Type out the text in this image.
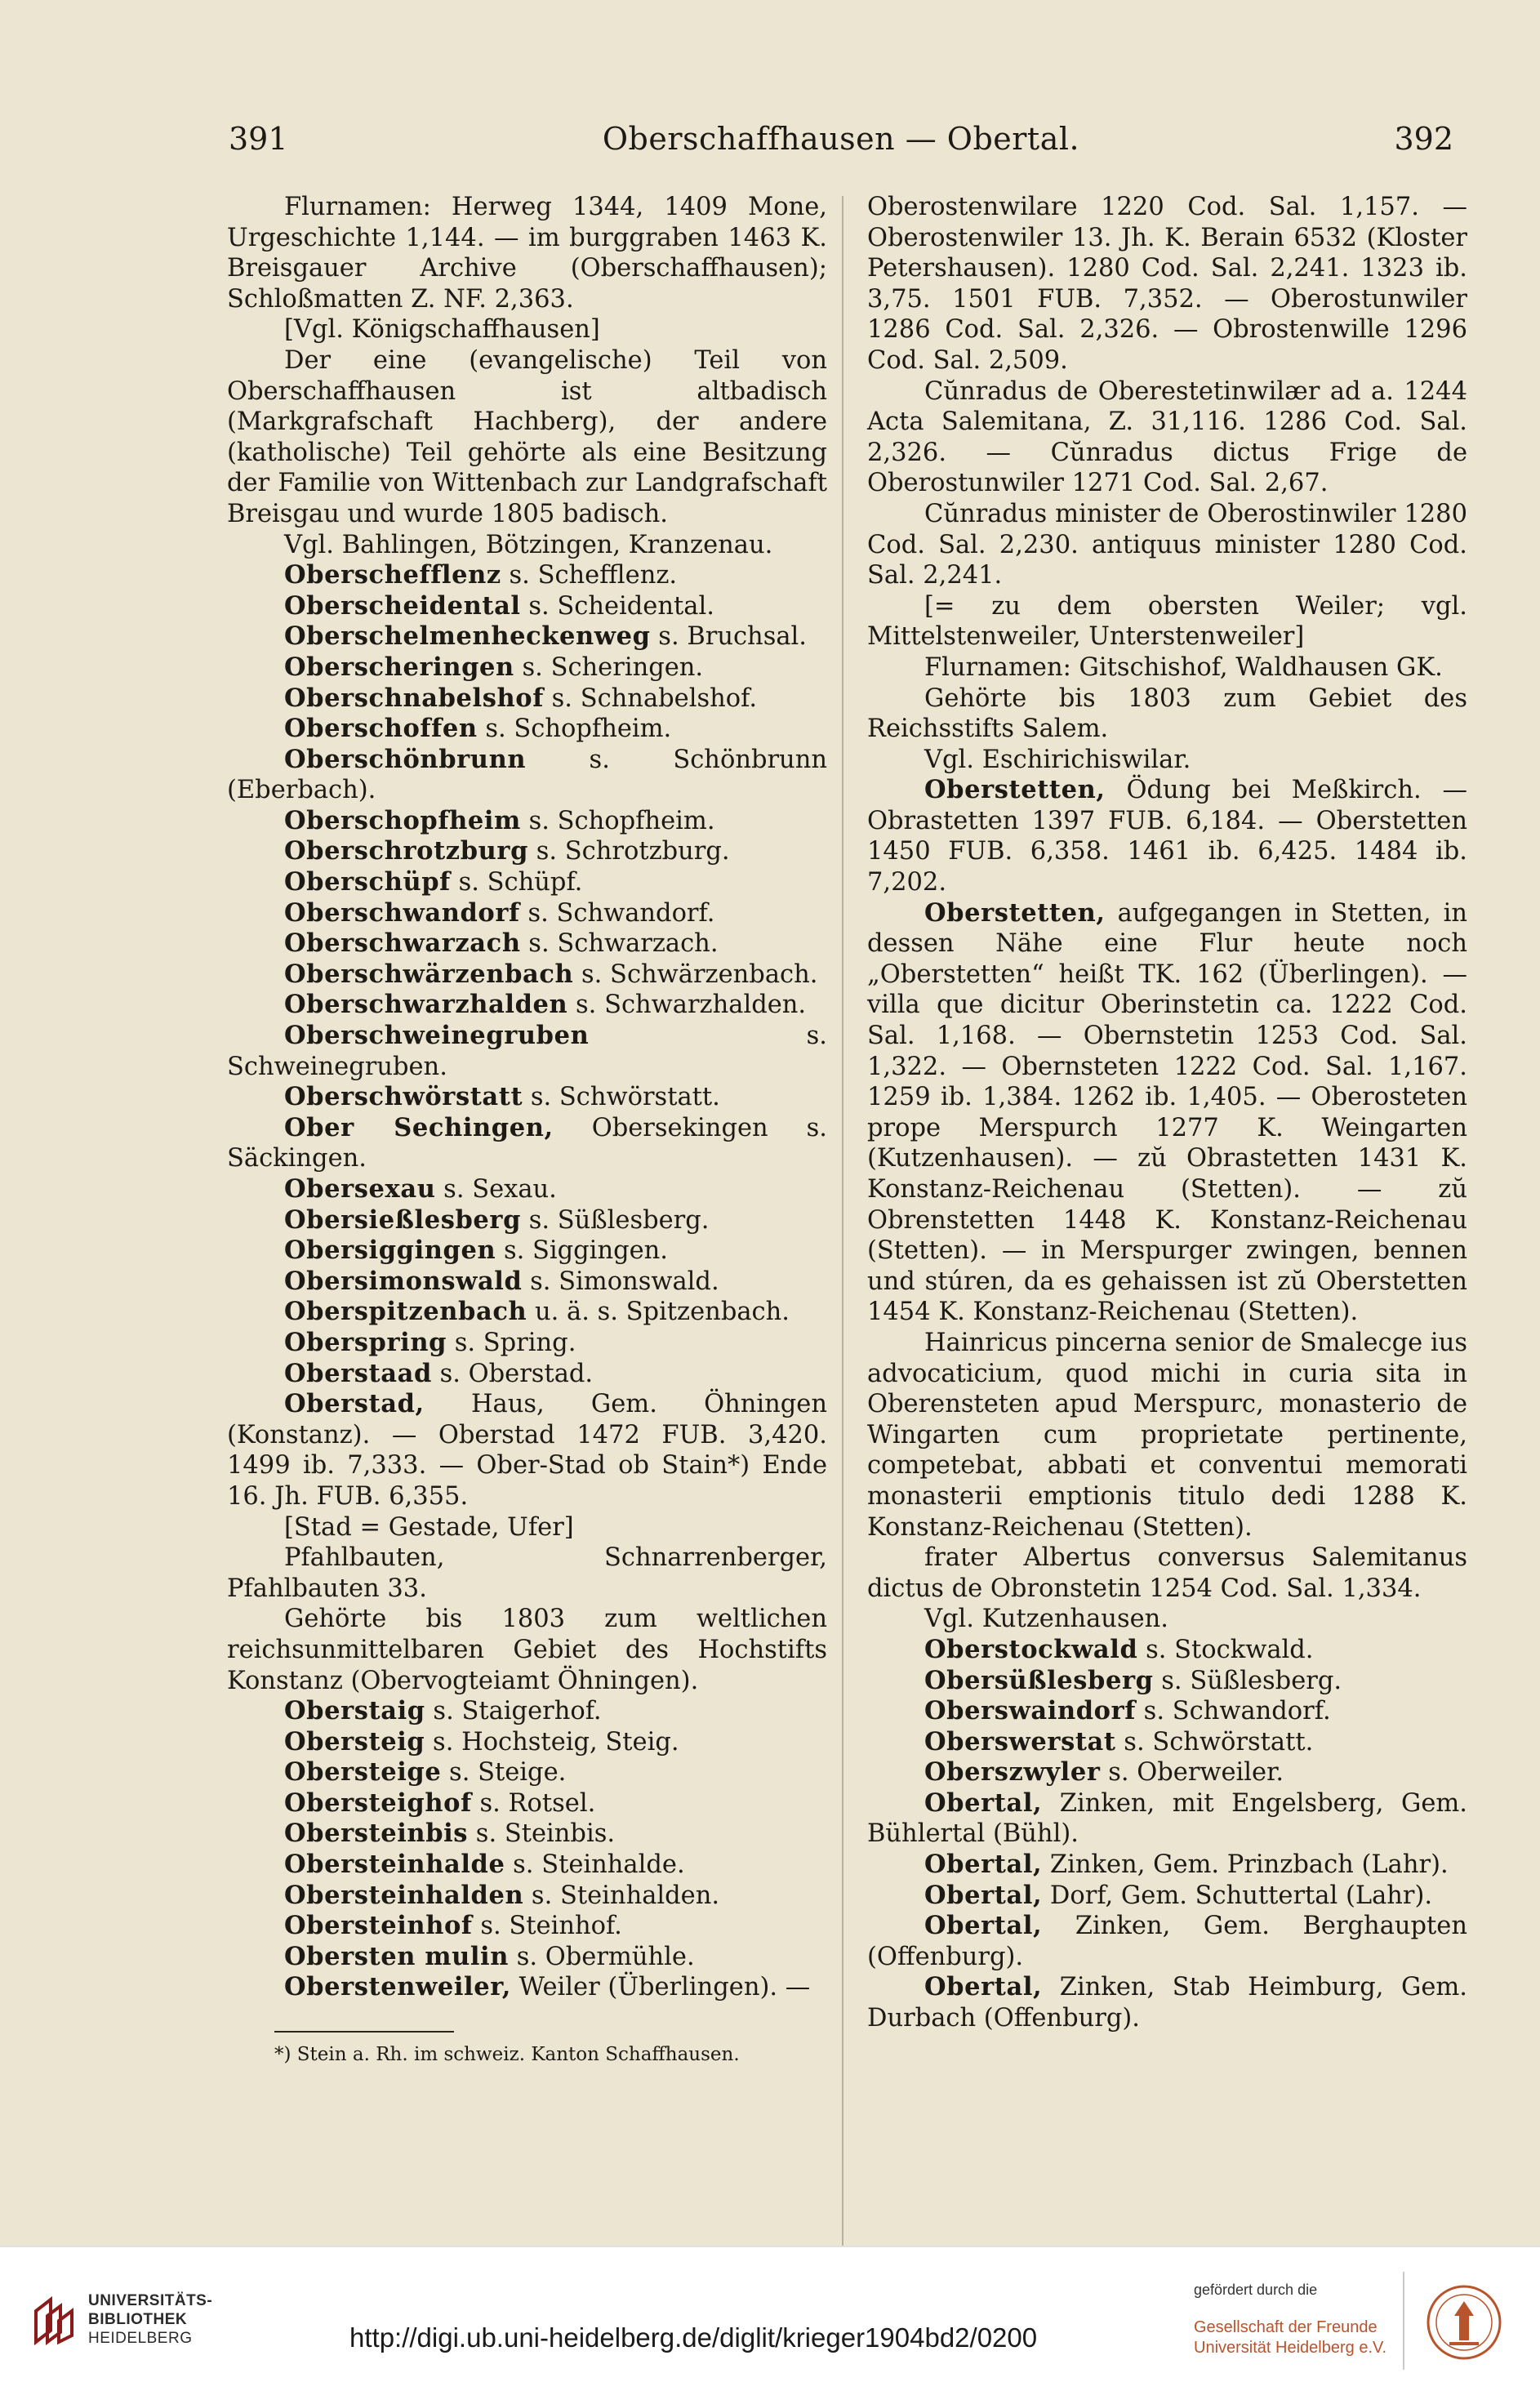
391	Oberschaffhausen — Obertal.	392

Flurnamen: Herweg 1344, 1409 Mone, Urgeschichte 1,144. — im burggraben 1463 K. Breisgauer Archive (Oberschaffhausen); Schloßmatten Z. NF. 2,363.

[Vgl. Königschaffhausen]

Der eine (evangelische) Teil von Oberschaffhausen ist altbadisch (Markgrafschaft Hachberg), der andere (katholische) Teil gehörte als eine Besitzung der Familie von Wittenbach zur Landgrafschaft Breisgau und wurde 1805 badisch.

Vgl. Bahlingen, Bötzingen, Kranzenau.

Oberschefflenz s. Schefflenz.

Oberscheidental s. Scheidental.

Oberschelmenheckenweg s. Bruchsal.

Oberscheringen s. Scheringen.

Oberschnabelshof s. Schnabelshof.

Oberschoffen s. Schopfheim.

Oberschönbrunn s. Schönbrunn (Eberbach).

Oberschopfheim s. Schopfheim.

Oberschrotzburg s. Schrotzburg.

Oberschüpf s. Schüpf.

Oberschwandorf s. Schwandorf.

Oberschwarzach s. Schwarzach.

Oberschwärzenbach s. Schwärzenbach.

Oberschwarzhalden s. Schwarzhalden.

Oberschweinegruben s. Schweinegruben.

Oberschwörstatt s. Schwörstatt.

Ober Sechingen, Obersekingen s. Säckingen.

Obersexau s. Sexau.

Obersießlesberg s. Süßlesberg.

Obersiggingen s. Siggingen.

Obersimonswald s. Simonswald.

Oberspitzenbach u. ä. s. Spitzenbach.

Oberspring s. Spring.

Oberstaad s. Oberstad.

Oberstad, Haus, Gem. Öhningen (Konstanz). — Oberstad 1472 FUB. 3,420. 1499 ib. 7,333. — Ober-Stad ob Stain*) Ende 16. Jh. FUB. 6,355.

[Stad = Gestade, Ufer]

Pfahlbauten, Schnarrenberger, Pfahlbauten 33.

Gehörte bis 1803 zum weltlichen reichsunmittelbaren Gebiet des Hochstifts Konstanz (Obervogteiamt Öhningen).

Oberstaig s. Staigerhof.

Obersteig s. Hochsteig, Steig.

Obersteige s. Steige.

Obersteighof s. Rotsel.

Obersteinbis s. Steinbis.

Obersteinhalde s. Steinhalde.

Obersteinhalden s. Steinhalden.

Obersteinhof s. Steinhof.

Obersten mulin s. Obermühle.

Oberstenweiler, Weiler (Überlingen). —

*) Stein a. Rh. im schweiz. Kanton Schaffhausen.

Oberostenwilare 1220 Cod. Sal. 1,157. — Oberostenwiler 13. Jh. K. Berain 6532 (Kloster Petershausen). 1280 Cod. Sal. 2,241. 1323 ib. 3,75. 1501 FUB. 7,352. — Oberostunwiler 1286 Cod. Sal. 2,326. — Obrostenwille 1296 Cod. Sal. 2,509.

Cŭnradus de Oberestetinwilær ad a. 1244 Acta Salemitana, Z. 31,116. 1286 Cod. Sal. 2,326. — Cŭnradus dictus Frige de Oberostunwiler 1271 Cod. Sal. 2,67.

Cŭnradus minister de Oberostinwiler 1280 Cod. Sal. 2,230. antiquus minister 1280 Cod. Sal. 2,241.

[= zu dem obersten Weiler; vgl. Mittelstenweiler, Unterstenweiler]

Flurnamen: Gitschishof, Waldhausen GK.

Gehörte bis 1803 zum Gebiet des Reichsstifts Salem.

Vgl. Eschirichiswilar.

Oberstetten, Ödung bei Meßkirch. — Obrastetten 1397 FUB. 6,184. — Oberstetten 1450 FUB. 6,358. 1461 ib. 6,425. 1484 ib. 7,202.

Oberstetten, aufgegangen in Stetten, in dessen Nähe eine Flur heute noch „Oberstetten“ heißt TK. 162 (Überlingen). — villa que dicitur Oberinstetin ca. 1222 Cod. Sal. 1,168. — Obernstetin 1253 Cod. Sal. 1,322. — Obernsteten 1222 Cod. Sal. 1,167. 1259 ib. 1,384. 1262 ib. 1,405. — Oberosteten prope Merspurch 1277 K. Weingarten (Kutzenhausen). — zŭ Obrastetten 1431 K. Konstanz-Reichenau (Stetten). — zŭ Obrenstetten 1448 K. Konstanz-Reichenau (Stetten). — in Merspurger zwingen, bennen und stúren, da es gehaissen ist zŭ Oberstetten 1454 K. Konstanz-Reichenau (Stetten).

Hainricus pincerna senior de Smalecge ius advocaticium, quod michi in curia sita in Oberensteten apud Merspurc, monasterio de Wingarten cum proprietate pertinente, competebat, abbati et conventui memorati monasterii emptionis titulo dedi 1288 K. Konstanz-Reichenau (Stetten).

frater Albertus conversus Salemitanus dictus de Obronstetin 1254 Cod. Sal. 1,334.

Vgl. Kutzenhausen.

Oberstockwald s. Stockwald.

Obersüßlesberg s. Süßlesberg.

Oberswaindorf s. Schwandorf.

Oberswerstat s. Schwörstatt.

Oberszwyler s. Oberweiler.

Obertal, Zinken, mit Engelsberg, Gem. Bühlertal (Bühl).

Obertal, Zinken, Gem. Prinzbach (Lahr).

Obertal, Dorf, Gem. Schuttertal (Lahr).

Obertal, Zinken, Gem. Berghaupten (Offenburg).

Obertal, Zinken, Stab Heimburg, Gem. Durbach (Offenburg).

UNIVERSITÄTS-
BIBLIOTHEK
HEIDELBERG	http://digi.ub.uni-heidelberg.de/diglit/krieger1904bd2/0200
gefördert durch die
Gesellschaft der Freunde
Universität Heidelberg e.V.
